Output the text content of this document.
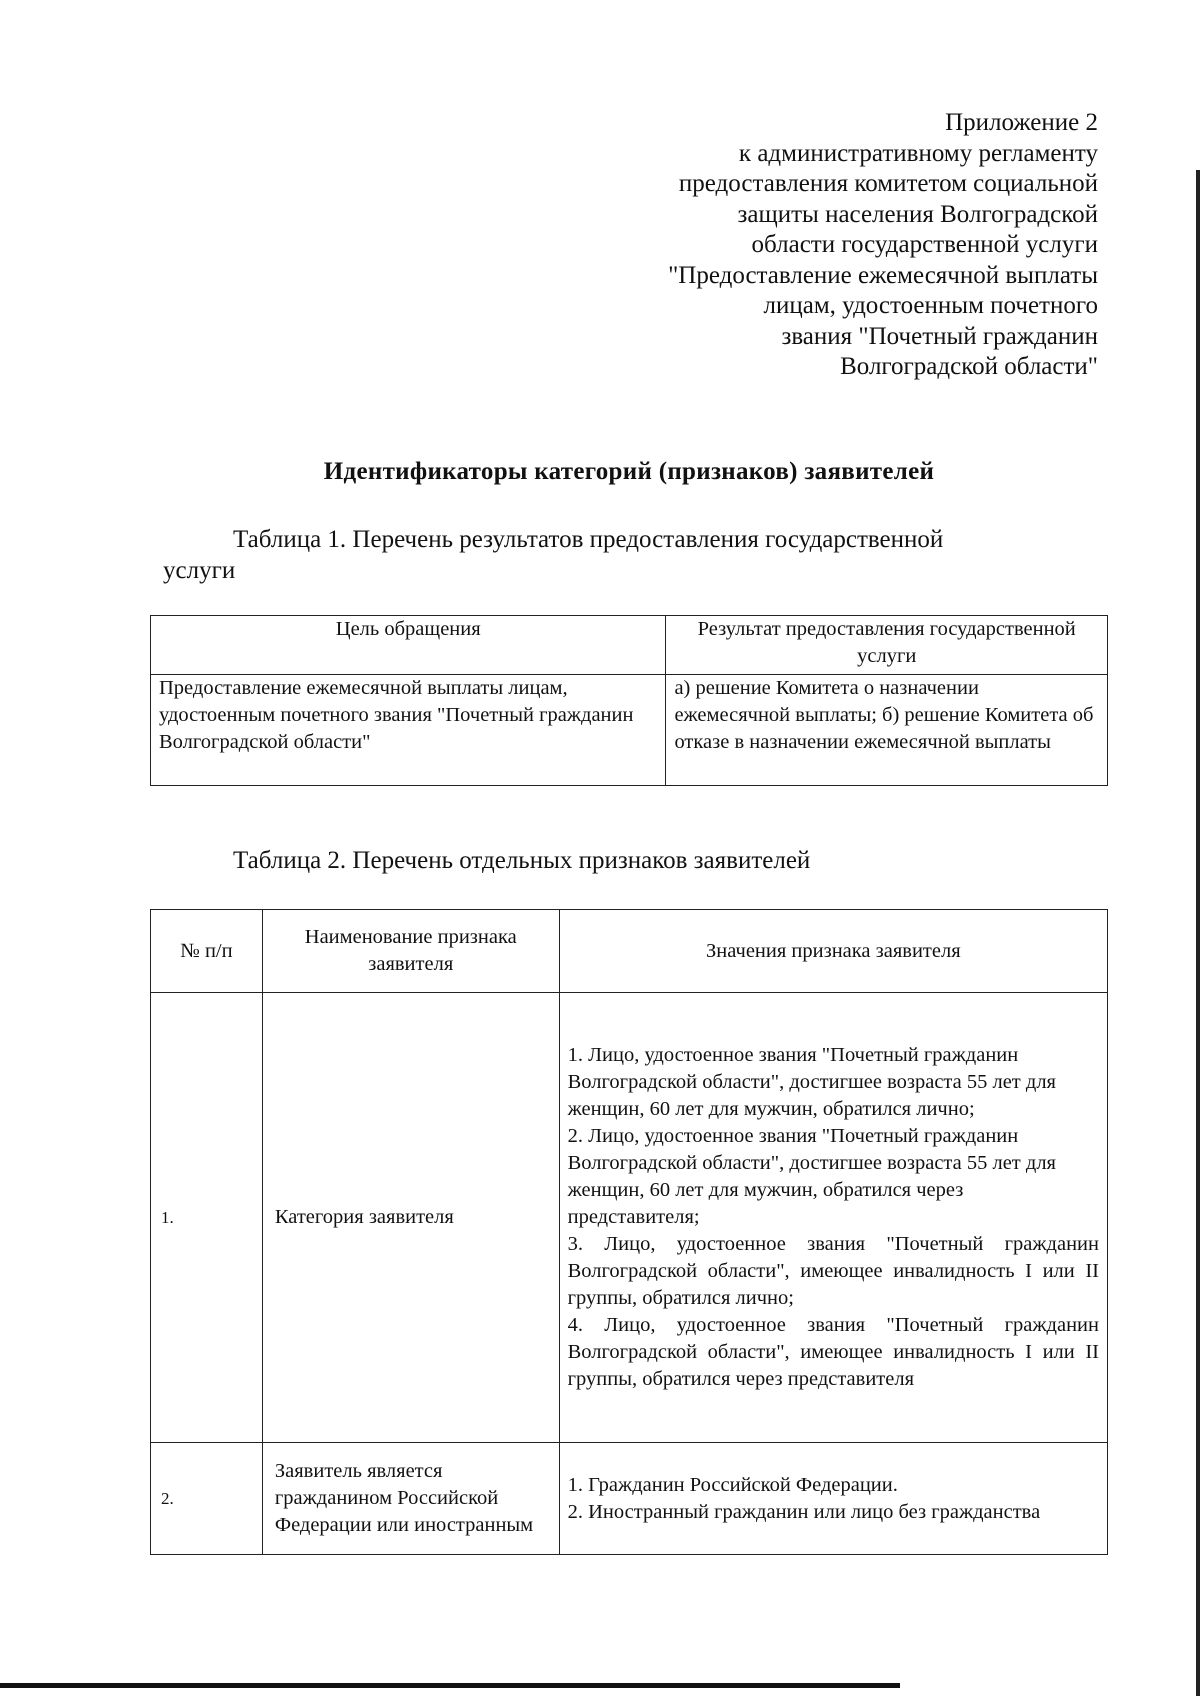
Приложение 2
к административному регламенту
предоставления комитетом социальной
защиты населения Волгоградской
области государственной услуги
"Предоставление ежемесячной выплаты
лицам, удостоенным почетного
звания "Почетный гражданин
Волгоградской области"
Идентификаторы категорий (признаков) заявителей
Таблица 1. Перечень результатов предоставления государственной
услуги
Цель обращения	Результат предоставления государственной услуги
Предоставление ежемесячной выплаты лицам, удостоенным почетного звания "Почетный гражданин Волгоградской области"	а) решение Комитета о назначении ежемесячной выплаты; б) решение Комитета об отказе в назначении ежемесячной выплаты
Таблица 2. Перечень отдельных признаков заявителей
№ п/п	Наименование признака заявителя	Значения признака заявителя
1.	Категория заявителя	1. Лицо, удостоенное звания "Почетный гражданин Волгоградской области", достигшее возраста 55 лет для женщин, 60 лет для мужчин, обратился лично;
2. Лицо, удостоенное звания "Почетный гражданин Волгоградской области", достигшее возраста 55 лет для женщин, 60 лет для мужчин, обратился через представителя;
3. Лицо, удостоенное звания "Почетный гражданин Волгоградской области", имеющее инвалидность I или II группы, обратился лично;
4. Лицо, удостоенное звания "Почетный гражданин Волгоградской области", имеющее инвалидность I или II группы, обратился через представителя

2.	Заявитель является гражданином Российской Федерации или иностранным	1. Гражданин Российской Федерации.
2. Иностранный гражданин или лицо без гражданства
